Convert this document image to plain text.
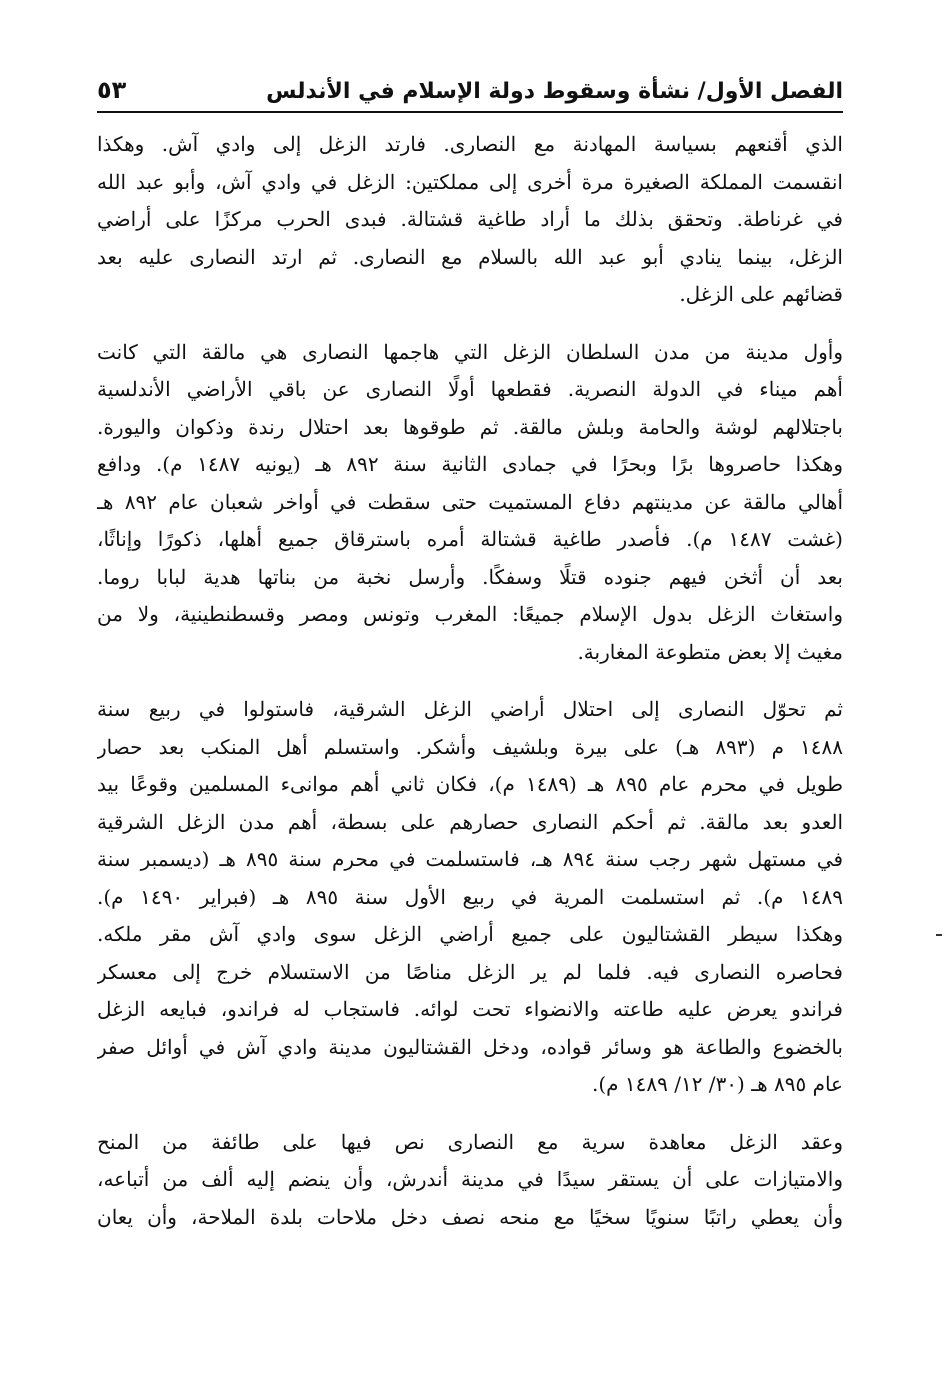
الفصل الأول/ نشأة وسقوط دولة الإسلام في الأندلس
٥٣
الذي أقنعهم بسياسة المهادنة مع النصارى. فارتد الزغل إلى وادي آش. وهكذا
انقسمت المملكة الصغيرة مرة أخرى إلى مملكتين: الزغل في وادي آش، وأبو عبد الله
في غرناطة. وتحقق بذلك ما أراد طاغية قشتالة. فبدى الحرب مركزًا على أراضي
الزغل، بينما ينادي أبو عبد الله بالسلام مع النصارى. ثم ارتد النصارى عليه بعد
قضائهم على الزغل.
وأول مدينة من مدن السلطان الزغل التي هاجمها النصارى هي مالقة التي كانت
أهم ميناء في الدولة النصرية. فقطعها أولًا النصارى عن باقي الأراضي الأندلسية
باجتلالهم لوشة والحامة وبلش مالقة. ثم طوقوها بعد احتلال رندة وذكوان واليورة.
وهكذا حاصروها برًا وبحرًا في جمادى الثانية سنة ٨٩٢ هـ (يونيه ١٤٨٧ م). ودافع
أهالي مالقة عن مدينتهم دفاع المستميت حتى سقطت في أواخر شعبان عام ٨٩٢ هـ
(غشت ١٤٨٧ م). فأصدر طاغية قشتالة أمره باسترقاق جميع أهلها، ذكورًا وإناثًا،
بعد أن أثخن فيهم جنوده قتلًا وسفكًا. وأرسل نخبة من بناتها هدية لبابا روما.
واستغاث الزغل بدول الإسلام جميعًا: المغرب وتونس ومصر وقسطنطينية، ولا من
مغيث إلا بعض متطوعة المغاربة.
ثم تحوّل النصارى إلى احتلال أراضي الزغل الشرقية، فاستولوا في ربيع سنة
١٤٨٨ م (٨٩٣ هـ) على بيرة وبلشيف وأشكر. واستسلم أهل المنكب بعد حصار
طويل في محرم عام ٨٩٥ هـ (١٤٨٩ م)، فكان ثاني أهم موانىء المسلمين وقوعًا بيد
العدو بعد مالقة. ثم أحكم النصارى حصارهم على بسطة، أهم مدن الزغل الشرقية
في مستهل شهر رجب سنة ٨٩٤ هـ، فاستسلمت في محرم سنة ٨٩٥ هـ (ديسمبر سنة
١٤٨٩ م). ثم استسلمت المرية في ربيع الأول سنة ٨٩٥ هـ (فبراير ١٤٩٠ م).
وهكذا سيطر القشتاليون على جميع أراضي الزغل سوى وادي آش مقر ملكه.
فحاصره النصارى فيه. فلما لم ير الزغل مناصًا من الاستسلام خرج إلى معسكر
فراندو يعرض عليه طاعته والانضواء تحت لوائه. فاستجاب له فراندو، فبايعه الزغل
بالخضوع والطاعة هو وسائر قواده، ودخل القشتاليون مدينة وادي آش في أوائل صفر
عام ٨٩٥ هـ (٣٠/ ١٢/ ١٤٨٩ م).
وعقد الزغل معاهدة سرية مع النصارى نص فيها على طائفة من المنح
والامتيازات على أن يستقر سيدًا في مدينة أندرش، وأن ينضم إليه ألف من أتباعه،
وأن يعطي راتبًا سنويًا سخيًا مع منحه نصف دخل ملاحات بلدة الملاحة، وأن يعان
